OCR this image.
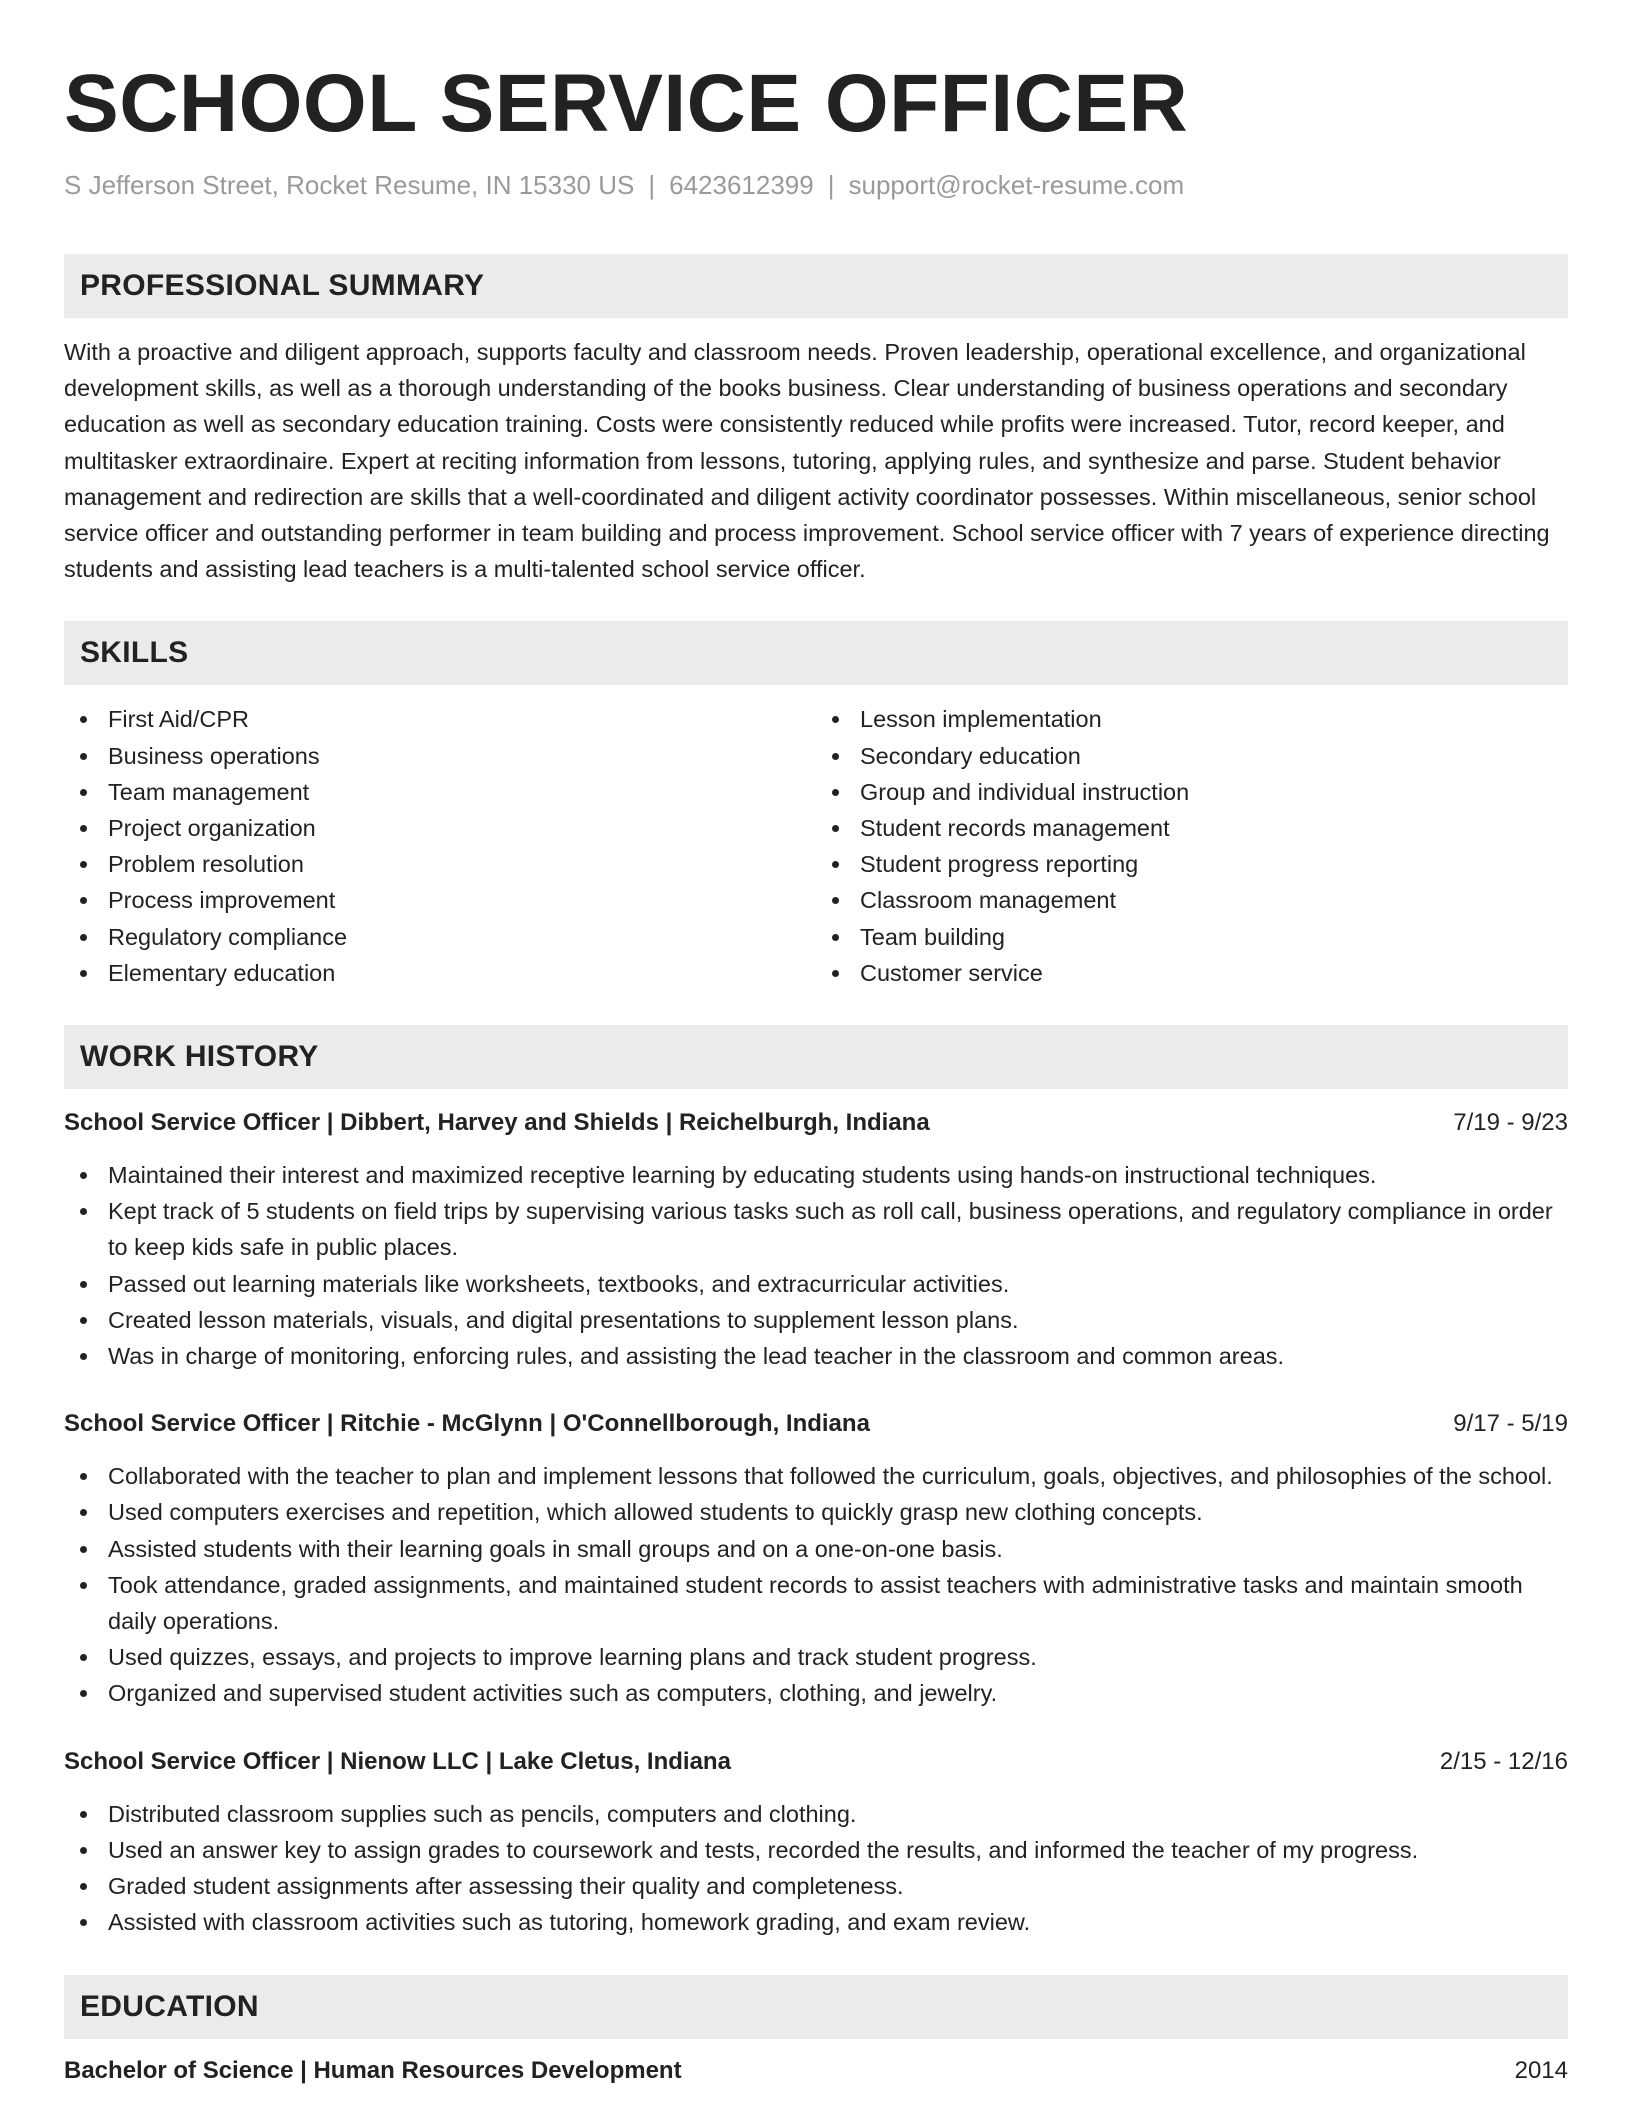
SCHOOL SERVICE OFFICER
S Jefferson Street, Rocket Resume, IN 15330 US | 6423612399 | support@rocket-resume.com
PROFESSIONAL SUMMARY

With a proactive and diligent approach, supports faculty and classroom needs. Proven leadership, operational excellence, and organizational development skills, as well as a thorough understanding of the books business. Clear understanding of business operations and secondary education as well as secondary education training. Costs were consistently reduced while profits were increased. Tutor, record keeper, and multitasker extraordinaire. Expert at reciting information from lessons, tutoring, applying rules, and synthesize and parse. Student behavior management and redirection are skills that a well-coordinated and diligent activity coordinator possesses. Within miscellaneous, senior school service officer and outstanding performer in team building and process improvement. School service officer with 7 years of experience directing students and assisting lead teachers is a multi-talented school service officer.

SKILLS
First Aid/CPR
Business operations
Team management
Project organization
Problem resolution
Process improvement
Regulatory compliance
Elementary education
Lesson implementation
Secondary education
Group and individual instruction
Student records management
Student progress reporting
Classroom management
Team building
Customer service
WORK HISTORY
School Service Officer | Dibbert, Harvey and Shields | Reichelburgh, Indiana	7/19 - 9/23
Maintained their interest and maximized receptive learning by educating students using hands-on instructional techniques.
Kept track of 5 students on field trips by supervising various tasks such as roll call, business operations, and regulatory compliance in order to keep kids safe in public places.
Passed out learning materials like worksheets, textbooks, and extracurricular activities.
Created lesson materials, visuals, and digital presentations to supplement lesson plans.
Was in charge of monitoring, enforcing rules, and assisting the lead teacher in the classroom and common areas.
School Service Officer | Ritchie - McGlynn | O'Connellborough, Indiana	9/17 - 5/19
Collaborated with the teacher to plan and implement lessons that followed the curriculum, goals, objectives, and philosophies of the school.
Used computers exercises and repetition, which allowed students to quickly grasp new clothing concepts.
Assisted students with their learning goals in small groups and on a one-on-one basis.
Took attendance, graded assignments, and maintained student records to assist teachers with administrative tasks and maintain smooth daily operations.
Used quizzes, essays, and projects to improve learning plans and track student progress.
Organized and supervised student activities such as computers, clothing, and jewelry.
School Service Officer | Nienow LLC | Lake Cletus, Indiana	2/15 - 12/16
Distributed classroom supplies such as pencils, computers and clothing.
Used an answer key to assign grades to coursework and tests, recorded the results, and informed the teacher of my progress.
Graded student assignments after assessing their quality and completeness.
Assisted with classroom activities such as tutoring, homework grading, and exam review.
EDUCATION
Bachelor of Science | Human Resources Development	2014
